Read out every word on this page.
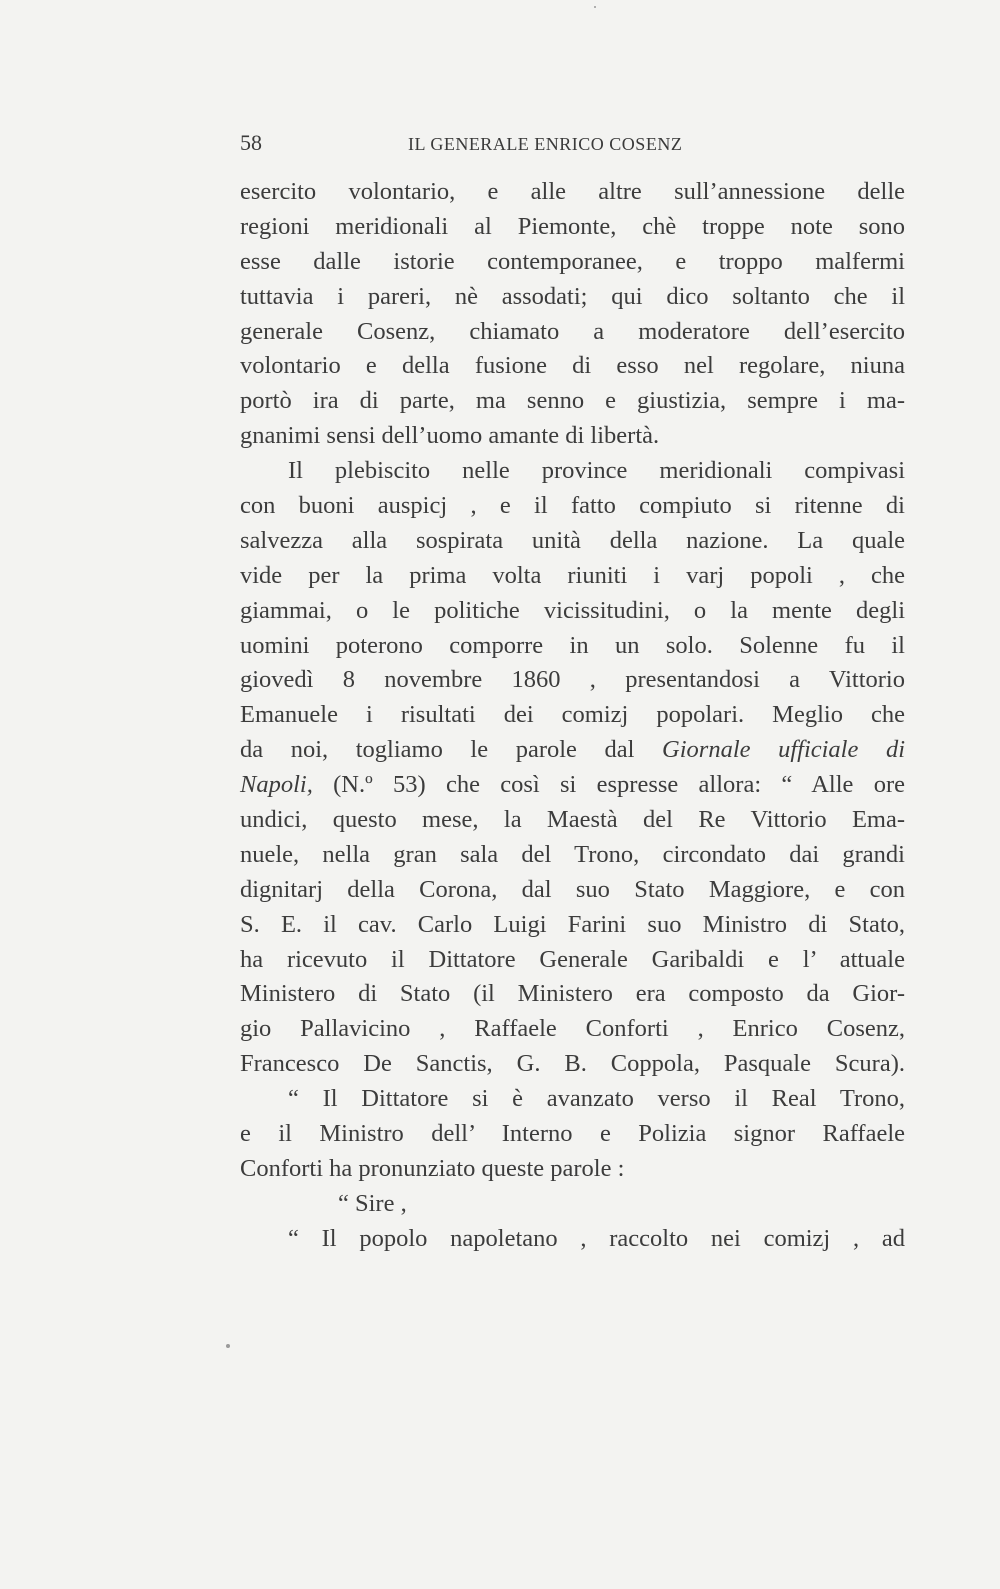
58	IL GENERALE ENRICO COSENZ
esercito volontario, e alle altre sull’annessione delle
regioni meridionali al Piemonte, chè troppe note sono
esse dalle istorie contemporanee, e troppo malfermi
tuttavia i pareri, nè assodati; qui dico soltanto che il
generale Cosenz, chiamato a moderatore dell’esercito
volontario e della fusione di esso nel regolare, niuna
portò ira di parte, ma senno e giustizia, sempre i ma-
gnanimi sensi dell’uomo amante di libertà.
Il plebiscito nelle province meridionali compivasi
con buoni auspicj , e il fatto compiuto si ritenne di
salvezza alla sospirata unità della nazione. La quale
vide per la prima volta riuniti i varj popoli , che
giammai, o le politiche vicissitudini, o la mente degli
uomini poterono comporre in un solo. Solenne fu il
giovedì 8 novembre 1860 , presentandosi a Vittorio
Emanuele i risultati dei comizj popolari. Meglio che
da noi, togliamo le parole dal Giornale ufficiale di
Napoli, (N.º 53) che così si espresse allora: “ Alle ore
undici, questo mese, la Maestà del Re Vittorio Ema-
nuele, nella gran sala del Trono, circondato dai grandi
dignitarj della Corona, dal suo Stato Maggiore, e con
S. E. il cav. Carlo Luigi Farini suo Ministro di Stato,
ha ricevuto il Dittatore Generale Garibaldi e l’ attuale
Ministero di Stato (il Ministero era composto da Gior-
gio Pallavicino , Raffaele Conforti , Enrico Cosenz,
Francesco De Sanctis, G. B. Coppola, Pasquale Scura).
“ Il Dittatore si è avanzato verso il Real Trono,
e il Ministro dell’ Interno e Polizia signor Raffaele
Conforti ha pronunziato queste parole :
“ Sire ,
“ Il popolo napoletano , raccolto nei comizj , ad
